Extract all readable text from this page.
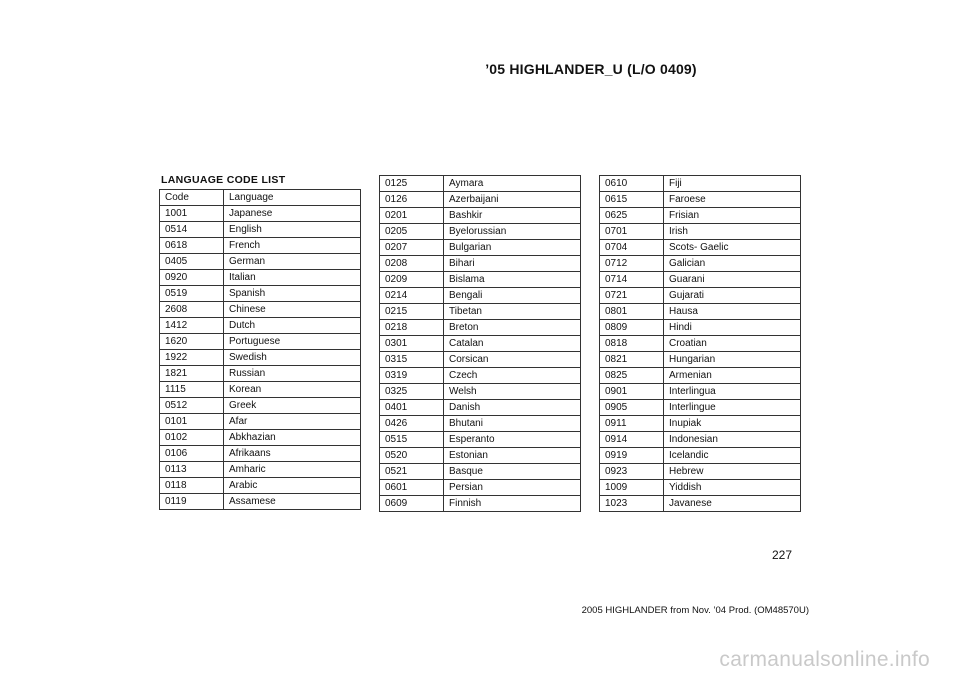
’05 HIGHLANDER_U (L/O 0409)
LANGUAGE CODE LIST
Code	Language
1001	Japanese
0514	English
0618	French
0405	German
0920	Italian
0519	Spanish
2608	Chinese
1412	Dutch
1620	Portuguese
1922	Swedish
1821	Russian
1115	Korean
0512	Greek
0101	Afar
0102	Abkhazian
0106	Afrikaans
0113	Amharic
0118	Arabic
0119	Assamese
0125	Aymara
0126	Azerbaijani
0201	Bashkir
0205	Byelorussian
0207	Bulgarian
0208	Bihari
0209	Bislama
0214	Bengali
0215	Tibetan
0218	Breton
0301	Catalan
0315	Corsican
0319	Czech
0325	Welsh
0401	Danish
0426	Bhutani
0515	Esperanto
0520	Estonian
0521	Basque
0601	Persian
0609	Finnish
0610	Fiji
0615	Faroese
0625	Frisian
0701	Irish
0704	Scots- Gaelic
0712	Galician
0714	Guarani
0721	Gujarati
0801	Hausa
0809	Hindi
0818	Croatian
0821	Hungarian
0825	Armenian
0901	Interlingua
0905	Interlingue
0911	Inupiak
0914	Indonesian
0919	Icelandic
0923	Hebrew
1009	Yiddish
1023	Javanese
227
2005 HIGHLANDER from Nov. ’04 Prod. (OM48570U)
carmanualsonline.info
